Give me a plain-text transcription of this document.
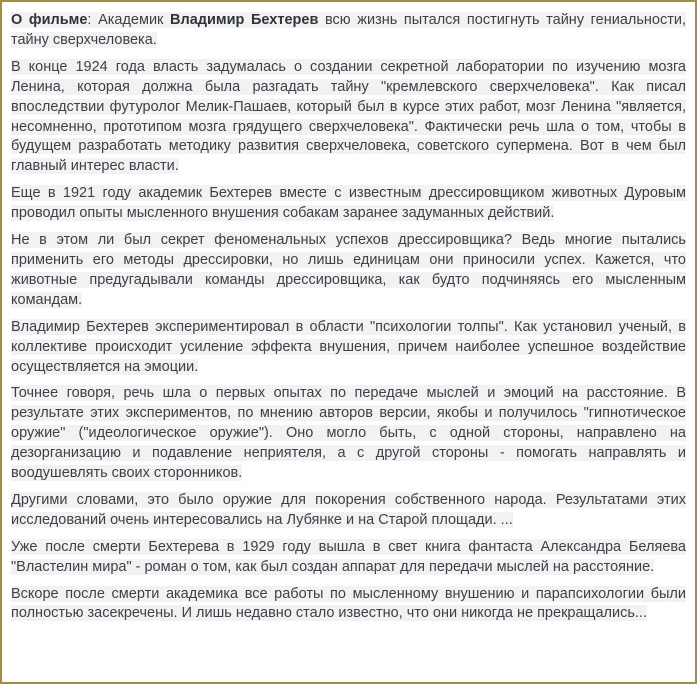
О фильме: Академик Владимир Бехтерев всю жизнь пытался постигнуть тайну гениальности, тайну сверхчеловека.

В конце 1924 года власть задумалась о создании секретной лаборатории по изучению мозга Ленина, которая должна была разгадать тайну "кремлевского сверхчеловека". Как писал впоследствии футуролог Мелик-Пашаев, который был в курсе этих работ, мозг Ленина "является, несомненно, прототипом мозга грядущего сверхчеловека". Фактически речь шла о том, чтобы в будущем разработать методику развития сверхчеловека, советского супермена. Вот в чем был главный интерес власти.

Еще в 1921 году академик Бехтерев вместе с известным дрессировщиком животных Дуровым проводил опыты мысленного внушения собакам заранее задуманных действий.

Не в этом ли был секрет феноменальных успехов дрессировщика? Ведь многие пытались применить его методы дрессировки, но лишь единицам они приносили успех. Кажется, что животные предугадывали команды дрессировщика, как будто подчиняясь его мысленным командам.

Владимир Бехтерев экспериментировал в области "психологии толпы". Как установил ученый, в коллективе происходит усиление эффекта внушения, причем наиболее успешное воздействие осуществляется на эмоции.

Точнее говоря, речь шла о первых опытах по передаче мыслей и эмоций на расстояние. В результате этих экспериментов, по мнению авторов версии, якобы и получилось "гипнотическое оружие" ("идеологическое оружие"). Оно могло быть, с одной стороны, направлено на дезорганизацию и подавление неприятеля, а с другой стороны - помогать направлять и воодушевлять своих сторонников.

Другими словами, это было оружие для покорения собственного народа. Результатами этих исследований очень интересовались на Лубянке и на Старой площади. ...

Уже после смерти Бехтерева в 1929 году вышла в свет книга фантаста Александра Беляева "Властелин мира" - роман о том, как был создан аппарат для передачи мыслей на расстояние.

Вскоре после смерти академика все работы по мысленному внушению и парапсихологии были полностью засекречены. И лишь недавно стало известно, что они никогда не прекращались...
